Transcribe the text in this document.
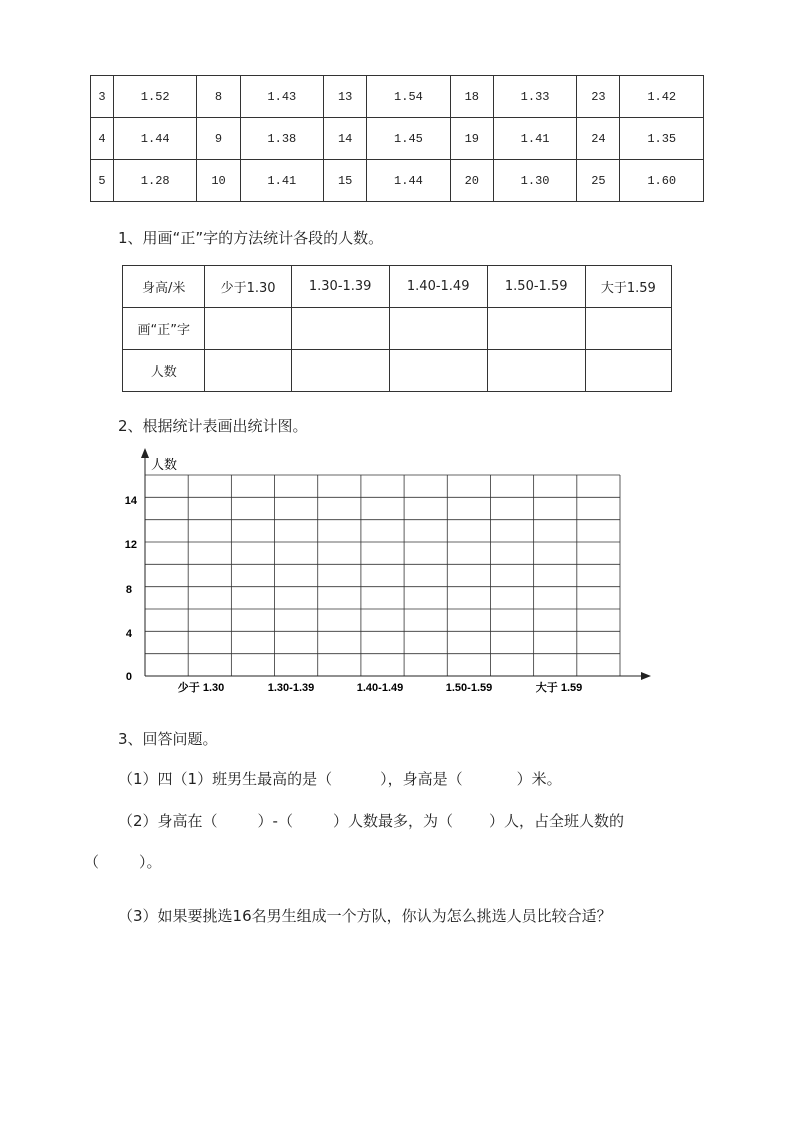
3	1.52	8	1.43	13	1.54	18	1.33	23	1.42
4	1.44	9	1.38	14	1.45	19	1.41	24	1.35
5	1.28	10	1.41	15	1.44	20	1.30	25	1.60
1、用画“正”字的方法统计各段的人数。
身高/米	少于1.30	1.30-1.39	1.40-1.49	1.50-1.59	大于1.59
画“正”字					
人数					
2、根据统计表画出统计图。
人数
14
12
8
4
0
少于 1.30	1.30-1.39	1.40-1.49	1.50-1.59	大于 1.59
3、回答问题。
（1）四（1）班男生最高的是（	），身高是（	）米。
（2）身高在（	）-（	）人数最多，为（ ）人，占全班人数的
（	）。
（3）如果要挑选16名男生组成一个方队，你认为怎么挑选人员比较合适？
